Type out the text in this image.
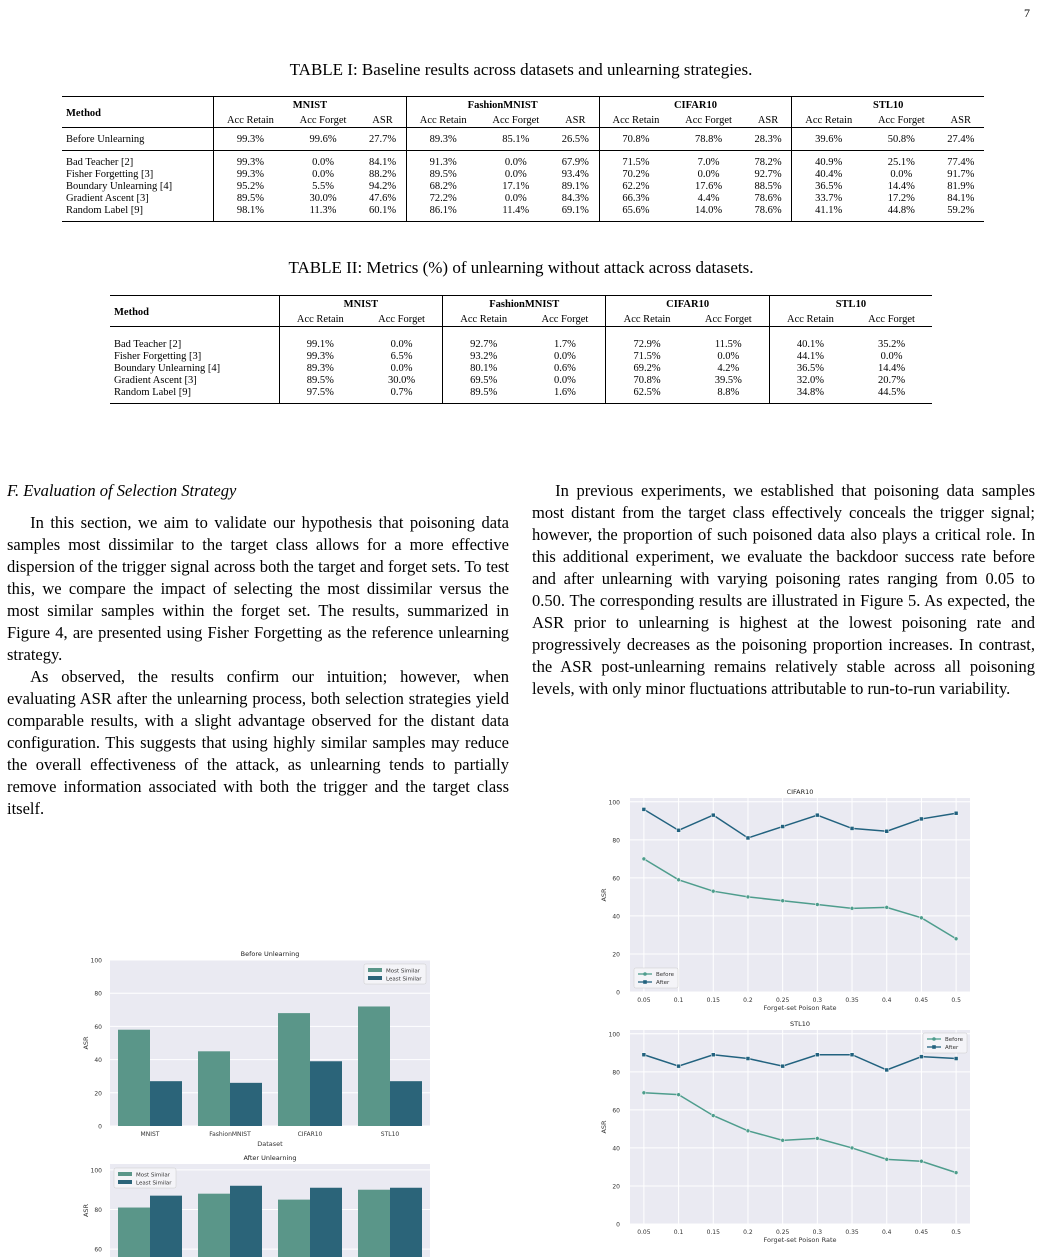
7
TABLE I: Baseline results across datasets and unlearning strategies.
Method	MNIST			FashionMNIST			CIFAR10			STL10		
	Acc Retain	Acc Forget	ASR	Acc Retain	Acc Forget	ASR	Acc Retain	Acc Forget	ASR	Acc Retain	Acc Forget	ASR
Before Unlearning	99.3%	99.6%	27.7%	89.3%	85.1%	26.5%	70.8%	78.8%	28.3%	39.6%	50.8%	27.4%
Bad Teacher [2]	99.3%	0.0%	84.1%	91.3%	0.0%	67.9%	71.5%	7.0%	78.2%	40.9%	25.1%	77.4%
Fisher Forgetting [3]	99.3%	0.0%	88.2%	89.5%	0.0%	93.4%	70.2%	0.0%	92.7%	40.4%	0.0%	91.7%
Boundary Unlearning [4]	95.2%	5.5%	94.2%	68.2%	17.1%	89.1%	62.2%	17.6%	88.5%	36.5%	14.4%	81.9%
Gradient Ascent [3]	89.5%	30.0%	47.6%	72.2%	0.0%	84.3%	66.3%	4.4%	78.6%	33.7%	17.2%	84.1%
Random Label [9]	98.1%	11.3%	60.1%	86.1%	11.4%	69.1%	65.6%	14.0%	78.6%	41.1%	44.8%	59.2%
TABLE II: Metrics (%) of unlearning without attack across datasets.
Method	MNIST		FashionMNIST		CIFAR10		STL10	
	Acc Retain	Acc Forget	Acc Retain	Acc Forget	Acc Retain	Acc Forget	Acc Retain	Acc Forget
Bad Teacher [2]	99.1%	0.0%	92.7%	1.7%	72.9%	11.5%	40.1%	35.2%
Fisher Forgetting [3]	99.3%	6.5%	93.2%	0.0%	71.5%	0.0%	44.1%	0.0%
Boundary Unlearning [4]	89.3%	0.0%	80.1%	0.6%	69.2%	4.2%	36.5%	14.4%
Gradient Ascent [3]	89.5%	30.0%	69.5%	0.0%	70.8%	39.5%	32.0%	20.7%
Random Label [9]	97.5%	0.7%	89.5%	1.6%	62.5%	8.8%	34.8%	44.5%

F. Evaluation of Selection Strategy

In this section, we aim to validate our hypothesis that poisoning data samples most dissimilar to the target class allows for a more effective dispersion of the trigger signal across both the target and forget sets. To test this, we compare the impact of selecting the most dissimilar versus the most similar samples within the forget set. The results, summarized in Figure 4, are presented using Fisher Forgetting as the reference unlearning strategy.

As observed, the results confirm our intuition; however, when evaluating ASR after the unlearning process, both selection strategies yield comparable results, with a slight advantage observed for the distant data configuration. This suggests that using highly similar samples may reduce the overall effectiveness of the attack, as unlearning tends to partially remove information associated with both the trigger and the target class itself.

In previous experiments, we established that poisoning data samples most distant from the target class effectively conceals the trigger signal; however, the proportion of such poisoned data also plays a critical role. In this additional experiment, we evaluate the backdoor success rate before and after unlearning with varying poisoning rates ranging from 0.05 to 0.50. The corresponding results are illustrated in Figure 5. As expected, the ASR prior to unlearning is highest at the lowest poisoning rate and progressively decreases as the poisoning proportion increases. In contrast, the ASR post-unlearning remains relatively stable across all poisoning levels, with only minor fluctuations attributable to run-to-run variability.

0
20
40
60
80
100
MNIST	FashionMNIST	CIFAR10	STL10
Before Unlearning
Dataset
ASR
Most Similar
Least Similar
60
80
100
After Unlearning
ASR
Most Similar
Least Similar
0
20
40
60
80
100
0.05	0.1	0.15	0.2	0.25	0.3	0.35	0.4	0.45	0.5
CIFAR10
Forget-set Poison Rate
ASR
Before
After
0
20
40
60
80
100
0.05	0.1	0.15	0.2	0.25	0.3	0.35	0.4	0.45	0.5
STL10
Forget-set Poison Rate
ASR
Before
After
